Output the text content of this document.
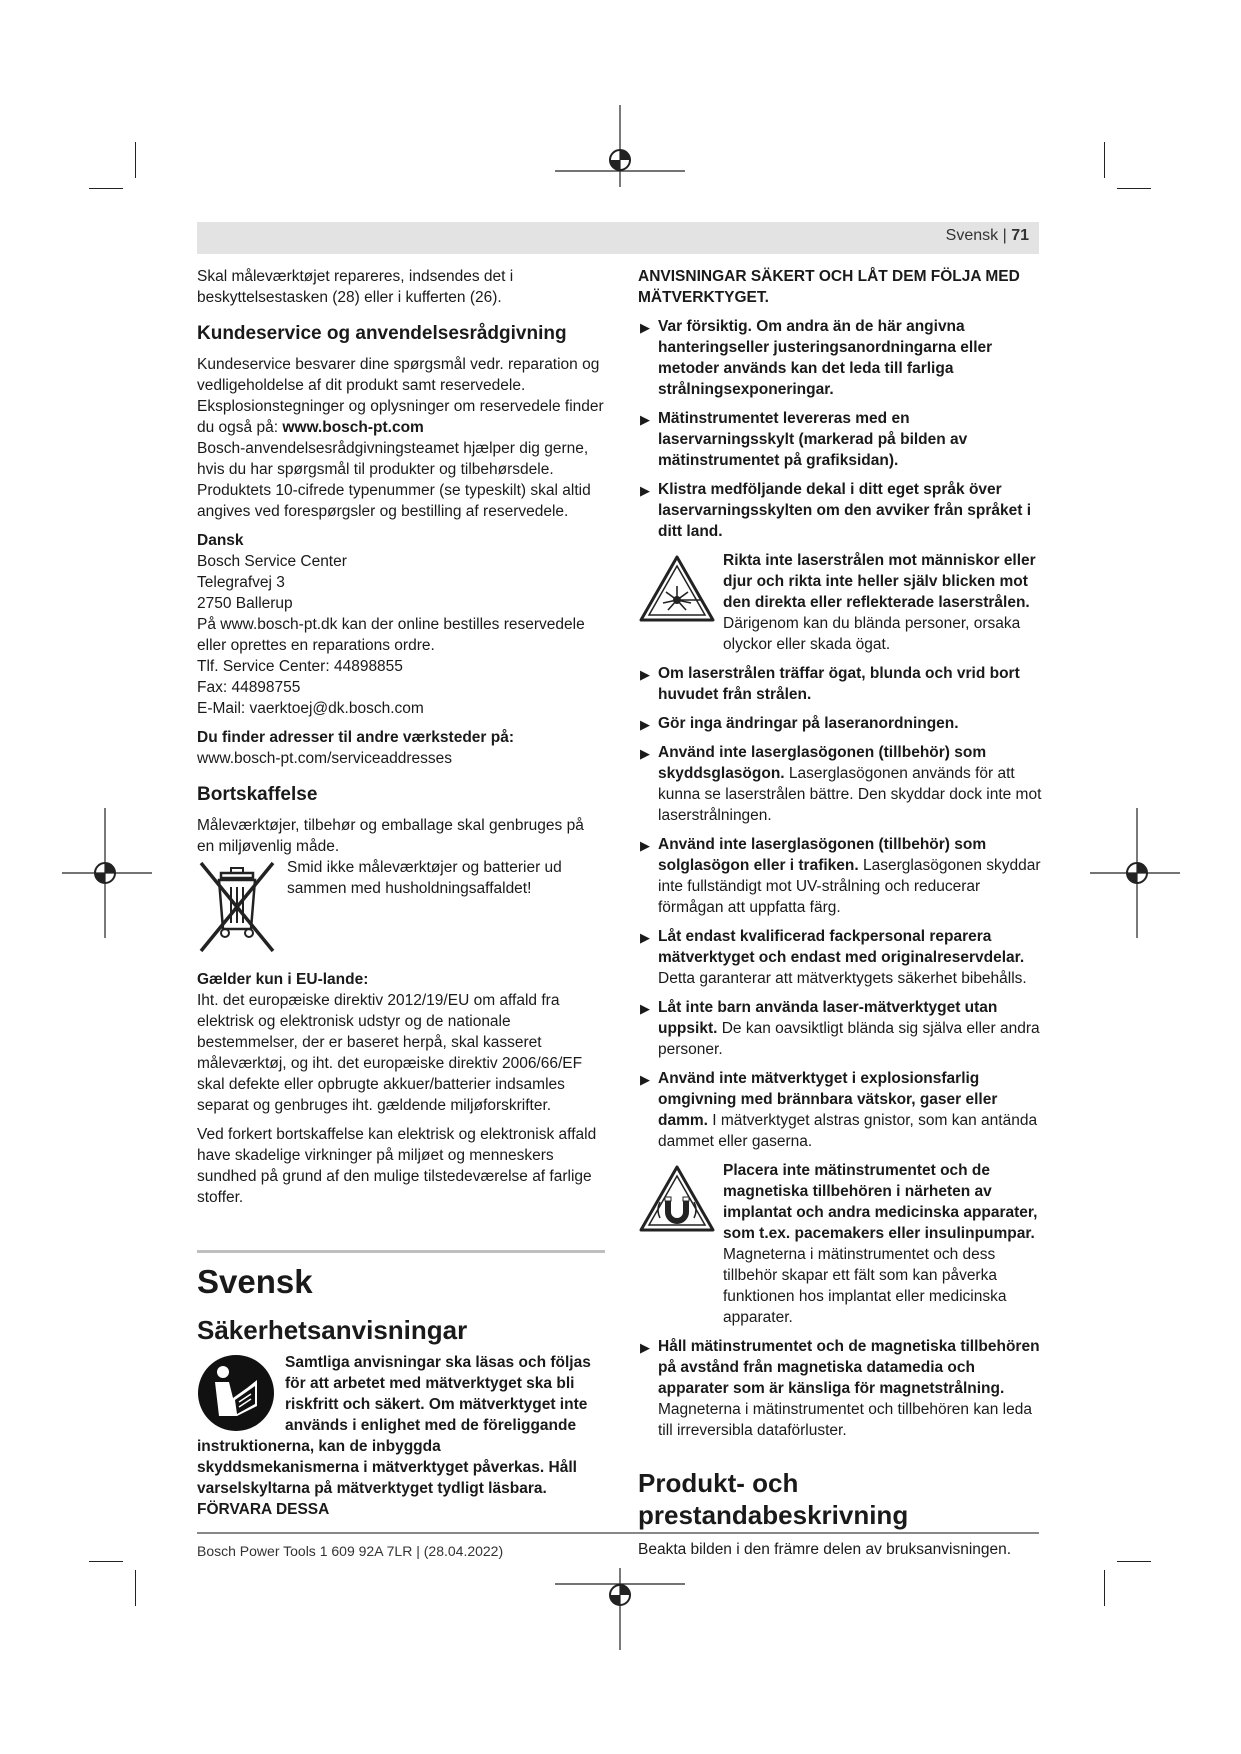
Svensk | 71

Skal måleværktøjet repareres, indsendes det i beskyttelsestasken (28) eller i kufferten (26).

Kundeservice og anvendelsesrådgivning

Kundeservice besvarer dine spørgsmål vedr. reparation og vedligeholdelse af dit produkt samt reservedele. Eksplosionstegninger og oplysninger om reservedele finder du også på: www.bosch-pt.com

Bosch-anvendelsesrådgivningsteamet hjælper dig gerne, hvis du har spørgsmål til produkter og tilbehørsdele.

Produktets 10-cifrede typenummer (se typeskilt) skal altid angives ved forespørgsler og bestilling af reservedele.

Dansk
Bosch Service Center
Telegrafvej 3
2750 Ballerup
På www.bosch-pt.dk kan der online bestilles reservedele eller oprettes en reparations ordre.
Tlf. Service Center: 44898855
Fax: 44898755
E-Mail: vaerktoej@dk.bosch.com
Du finder adresser til andre værksteder på:

www.bosch-pt.com/serviceaddresses

Bortskaffelse

Måleværktøjer, tilbehør og emballage skal genbruges på en miljøvenlig måde.

Smid ikke måleværktøjer og batterier ud sammen med husholdningsaffaldet!
Gælder kun i EU-lande:

Iht. det europæiske direktiv 2012/19/EU om affald fra elektrisk og elektronisk udstyr og de nationale bestemmelser, der er baseret herpå, skal kasseret måleværktøj, og iht. det europæiske direktiv 2006/66/EF skal defekte eller opbrugte akkuer/batterier indsamles separat og genbruges iht. gældende miljøforskrifter.

Ved forkert bortskaffelse kan elektrisk og elektronisk affald have skadelige virkninger på miljøet og menneskers sundhed på grund af den mulige tilstedeværelse af farlige stoffer.

Svensk
Säkerhetsanvisningar
Samtliga anvisningar ska läsas och följas för att arbetet med mätverktyget ska bli riskfritt och säkert. Om mätverktyget inte används i enlighet med de föreliggande instruktionerna, kan de inbyggda skyddsmekanismerna i mätverktyget påverkas. Håll varselskyltarna på mätverktyget tydligt läsbara. FÖRVARA DESSA

ANVISNINGAR SÄKERT OCH LÅT DEM FÖLJA MED MÄTVERKTYGET.

▶ Var försiktig. Om andra än de här angivna hanteringseller justeringsanordningarna eller metoder används kan det leda till farliga strålningsexponeringar.
▶ Mätinstrumentet levereras med en laservarningsskylt (markerad på bilden av mätinstrumentet på grafiksidan).
▶ Klistra medföljande dekal i ditt eget språk över laservarningsskylten om den avviker från språket i ditt land.
Rikta inte laserstrålen mot människor eller djur och rikta inte heller själv blicken mot den direkta eller reflekterade laserstrålen.
Därigenom kan du blända personer, orsaka olyckor eller skada ögat.
▶ Om laserstrålen träffar ögat, blunda och vrid bort huvudet från strålen.
▶ Gör inga ändringar på laseranordningen.
▶ Använd inte laserglasögonen (tillbehör) som skyddsglasögon. Laserglasögonen används för att kunna se laserstrålen bättre. Den skyddar dock inte mot laserstrålningen.
▶ Använd inte laserglasögonen (tillbehör) som solglasögon eller i trafiken. Laserglasögonen skyddar inte fullständigt mot UV-strålning och reducerar förmågan att uppfatta färg.
▶ Låt endast kvalificerad fackpersonal reparera mätverktyget och endast med originalreservdelar. Detta garanterar att mätverktygets säkerhet bibehålls.
▶ Låt inte barn använda laser-mätverktyget utan uppsikt. De kan oavsiktligt blända sig själva eller andra personer.
▶ Använd inte mätverktyget i explosionsfarlig omgivning med brännbara vätskor, gaser eller damm. I mätverktyget alstras gnistor, som kan antända dammet eller gaserna.
Placera inte mätinstrumentet och de magnetiska tillbehören i närheten av implantat och andra medicinska apparater, som t.ex. pacemakers eller insulinpumpar. Magneterna i mätinstrumentet och dess tillbehör skapar ett fält som kan påverka funktionen hos implantat eller medicinska apparater.
▶ Håll mätinstrumentet och de magnetiska tillbehören på avstånd från magnetiska datamedia och apparater som är känsliga för magnetstrålning. Magneterna i mätinstrumentet och tillbehören kan leda till irreversibla dataförluster.
Produkt- och prestandabeskrivning

Beakta bilden i den främre delen av bruksanvisningen.

Bosch Power Tools 1 609 92A 7LR | (28.04.2022)
